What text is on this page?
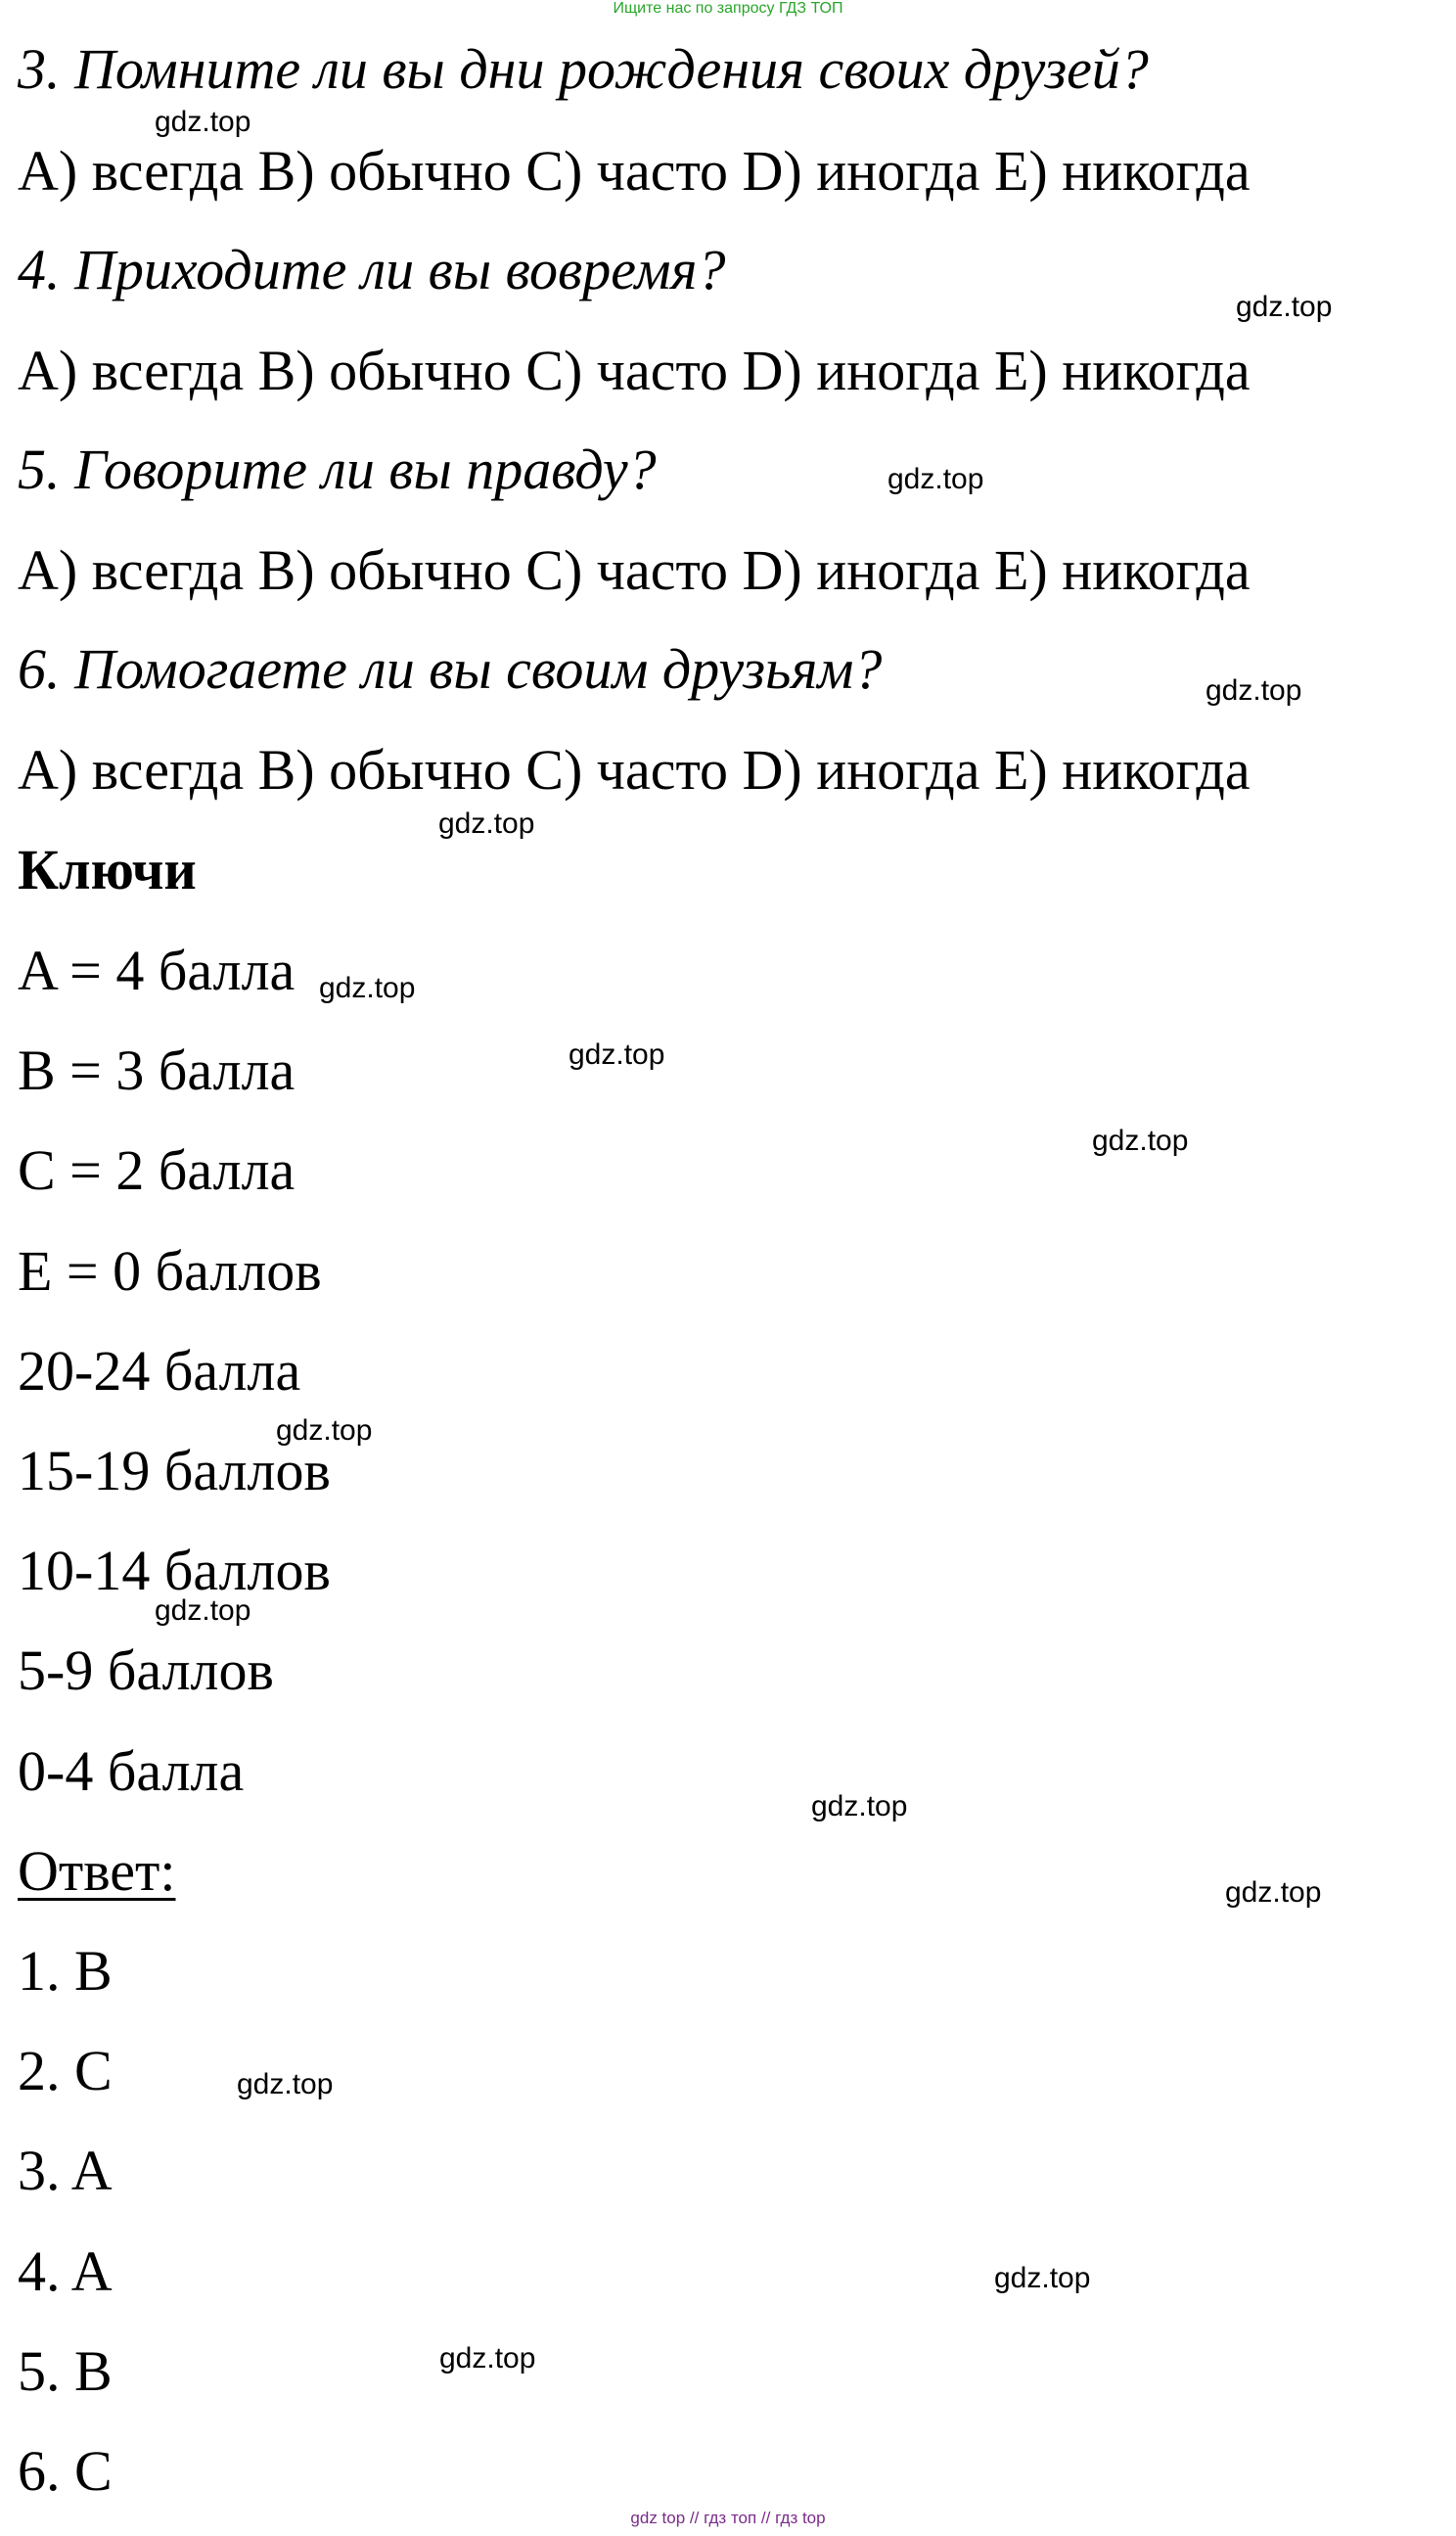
Ищите нас по запросу ГДЗ ТОП
3. Помните ли вы дни рождения своих друзей?
A) всегда B) обычно C) часто D) иногда E) никогда
4. Приходите ли вы вовремя?
A) всегда B) обычно C) часто D) иногда E) никогда
5. Говорите ли вы правду?
A) всегда B) обычно C) часто D) иногда E) никогда
6. Помогаете ли вы своим друзьям?
A) всегда B) обычно C) часто D) иногда E) никогда
Ключи
A = 4 балла
B = 3 балла
C = 2 балла
E = 0 баллов
20-24 балла
15-19 баллов
10-14 баллов
5-9 баллов
0-4 балла
Ответ:
1. B
2. C
3. A
4. A
5. B
6. C
gdz.top
gdz.top
gdz.top
gdz.top
gdz.top
gdz.top
gdz.top
gdz.top
gdz.top
gdz.top
gdz.top
gdz.top
gdz.top
gdz.top
gdz.top
gdz top // гдз топ // гдз top
